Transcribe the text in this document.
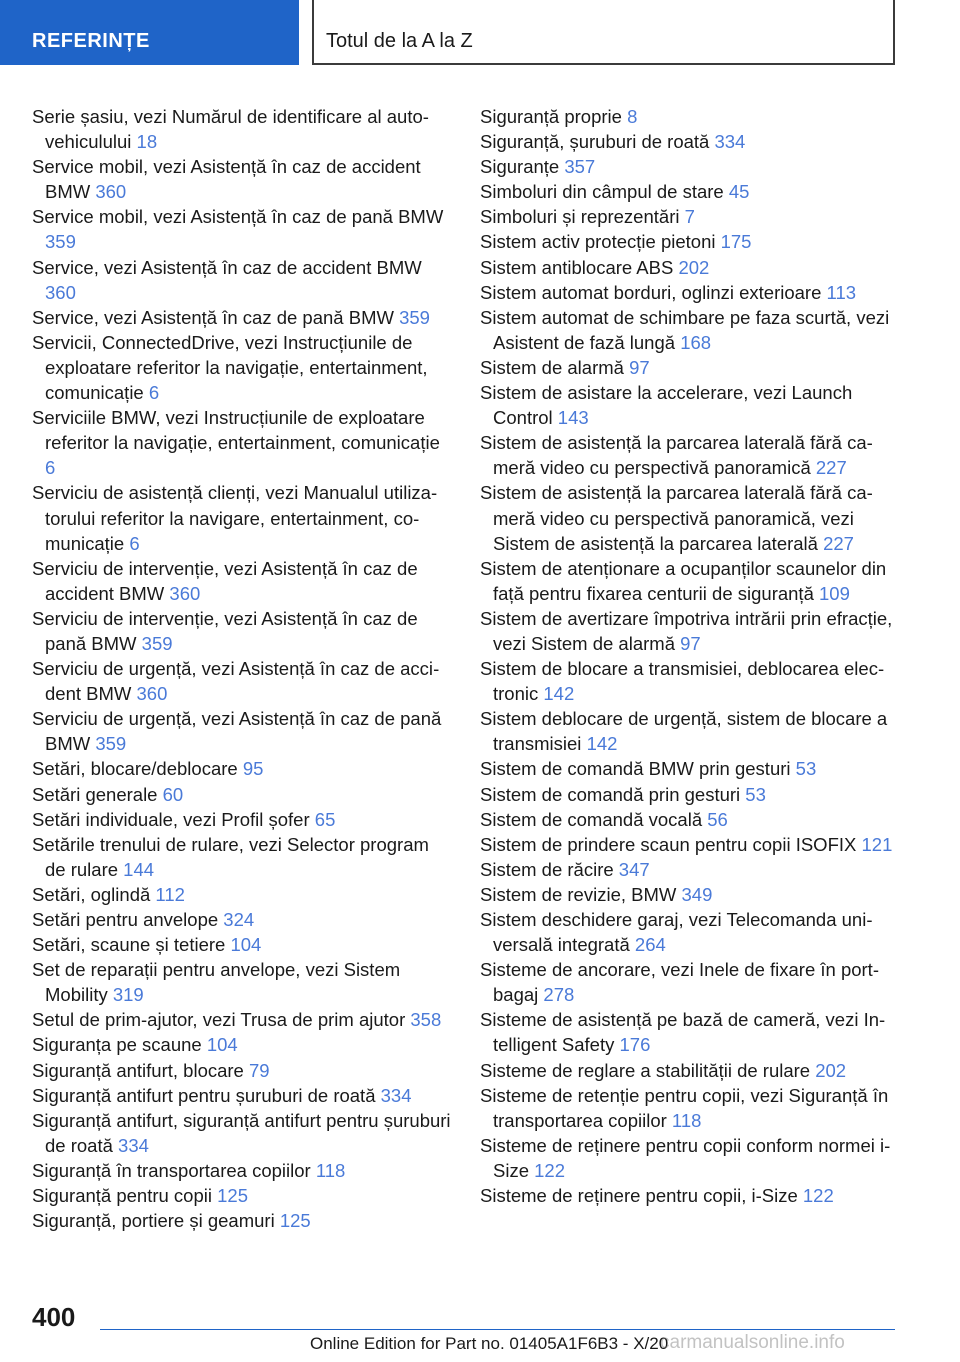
REFERINȚE	Totul de la A la Z
Serie șasiu, vezi Numărul de identificare al autovehiculului 18
Service mobil, vezi Asistență în caz de accident BMW 360
Service mobil, vezi Asistență în caz de pană BMW 359
Service, vezi Asistență în caz de accident BMW 360
Service, vezi Asistență în caz de pană BMW 359
Servicii, ConnectedDrive, vezi Instrucțiunile de exploatare referitor la navigație, entertainment, comunicație 6
Serviciile BMW, vezi Instrucțiunile de exploatare referitor la navigație, entertainment, comunicație 6
Serviciu de asistență clienți, vezi Manualul utilizatorului referitor la navigare, entertainment, comunicație 6
Serviciu de intervenție, vezi Asistență în caz de accident BMW 360
Serviciu de intervenție, vezi Asistență în caz de pană BMW 359
Serviciu de urgență, vezi Asistență în caz de accident BMW 360
Serviciu de urgență, vezi Asistență în caz de pană BMW 359
Setări, blocare/deblocare 95
Setări generale 60
Setări individuale, vezi Profil șofer 65
Setările trenului de rulare, vezi Selector program de rulare 144
Setări, oglindă 112
Setări pentru anvelope 324
Setări, scaune și tetiere 104
Set de reparații pentru anvelope, vezi Sistem Mobility 319
Setul de prim-ajutor, vezi Trusa de prim ajutor 358
Siguranța pe scaune 104
Siguranță antifurt, blocare 79
Siguranță antifurt pentru șuruburi de roată 334
Siguranță antifurt, siguranță antifurt pentru șuruburi de roată 334
Siguranță în transportarea copiilor 118
Siguranță pentru copii 125
Siguranță, portiere și geamuri 125
Siguranță proprie 8
Siguranță, șuruburi de roată 334
Siguranțe 357
Simboluri din câmpul de stare 45
Simboluri și reprezentări 7
Sistem activ protecție pietoni 175
Sistem antiblocare ABS 202
Sistem automat borduri, oglinzi exterioare 113
Sistem automat de schimbare pe faza scurtă, vezi Asistent de fază lungă 168
Sistem de alarmă 97
Sistem de asistare la accelerare, vezi Launch Control 143
Sistem de asistență la parcarea laterală fără cameră video cu perspectivă panoramică 227
Sistem de asistență la parcarea laterală fără cameră video cu perspectivă panoramică, vezi Sistem de asistență la parcarea laterală 227
Sistem de atenționare a ocupanților scaunelor din față pentru fixarea centurii de siguranță 109
Sistem de avertizare împotriva intrării prin efracție, vezi Sistem de alarmă 97
Sistem de blocare a transmisiei, deblocarea electronic 142
Sistem deblocare de urgență, sistem de blocare a transmisiei 142
Sistem de comandă BMW prin gesturi 53
Sistem de comandă prin gesturi 53
Sistem de comandă vocală 56
Sistem de prindere scaun pentru copii ISOFIX 121
Sistem de răcire 347
Sistem de revizie, BMW 349
Sistem deschidere garaj, vezi Telecomanda universală integrată 264
Sisteme de ancorare, vezi Inele de fixare în portbagaj 278
Sisteme de asistență pe bază de cameră, vezi Intelligent Safety 176
Sisteme de reglare a stabilității de rulare 202
Sisteme de retenție pentru copii, vezi Siguranță în transportarea copiilor 118
Sisteme de reținere pentru copii conform normei i-Size 122
Sisteme de reținere pentru copii, i-Size 122
400
Online Edition for Part no. 01405A1F6B3 - X/20
carmanualsonline.info
